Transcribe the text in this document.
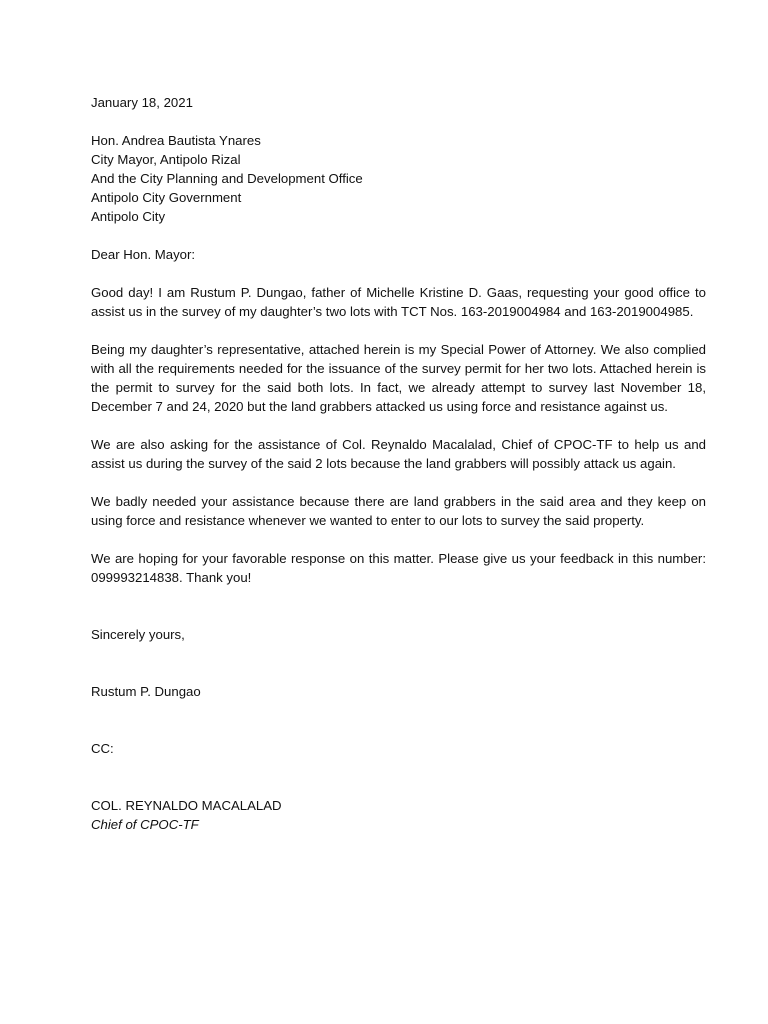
January 18, 2021
Hon. Andrea Bautista Ynares
City Mayor, Antipolo Rizal
And the City Planning and Development Office
Antipolo City Government
Antipolo City
Dear Hon. Mayor:

Good day! I am Rustum P. Dungao, father of Michelle Kristine D. Gaas, requesting your good office to assist us in the survey of my daughter’s two lots with TCT Nos. 163-2019004984 and 163-2019004985.

Being my daughter’s representative, attached herein is my Special Power of Attorney. We also complied with all the requirements needed for the issuance of the survey permit for her two lots. Attached herein is the permit to survey for the said both lots. In fact, we already attempt to survey last November 18, December 7 and 24, 2020 but the land grabbers attacked us using force and resistance against us.

We are also asking for the assistance of Col. Reynaldo Macalalad, Chief of CPOC-TF to help us and assist us during the survey of the said 2 lots because the land grabbers will possibly attack us again.

We badly needed your assistance because there are land grabbers in the said area and they keep on using force and resistance whenever we wanted to enter to our lots to survey the said property.

We are hoping for your favorable response on this matter. Please give us your feedback in this number: 099993214838. Thank you!

Sincerely yours,
Rustum P. Dungao
CC:
COL. REYNALDO MACALALAD
Chief of CPOC-TF
